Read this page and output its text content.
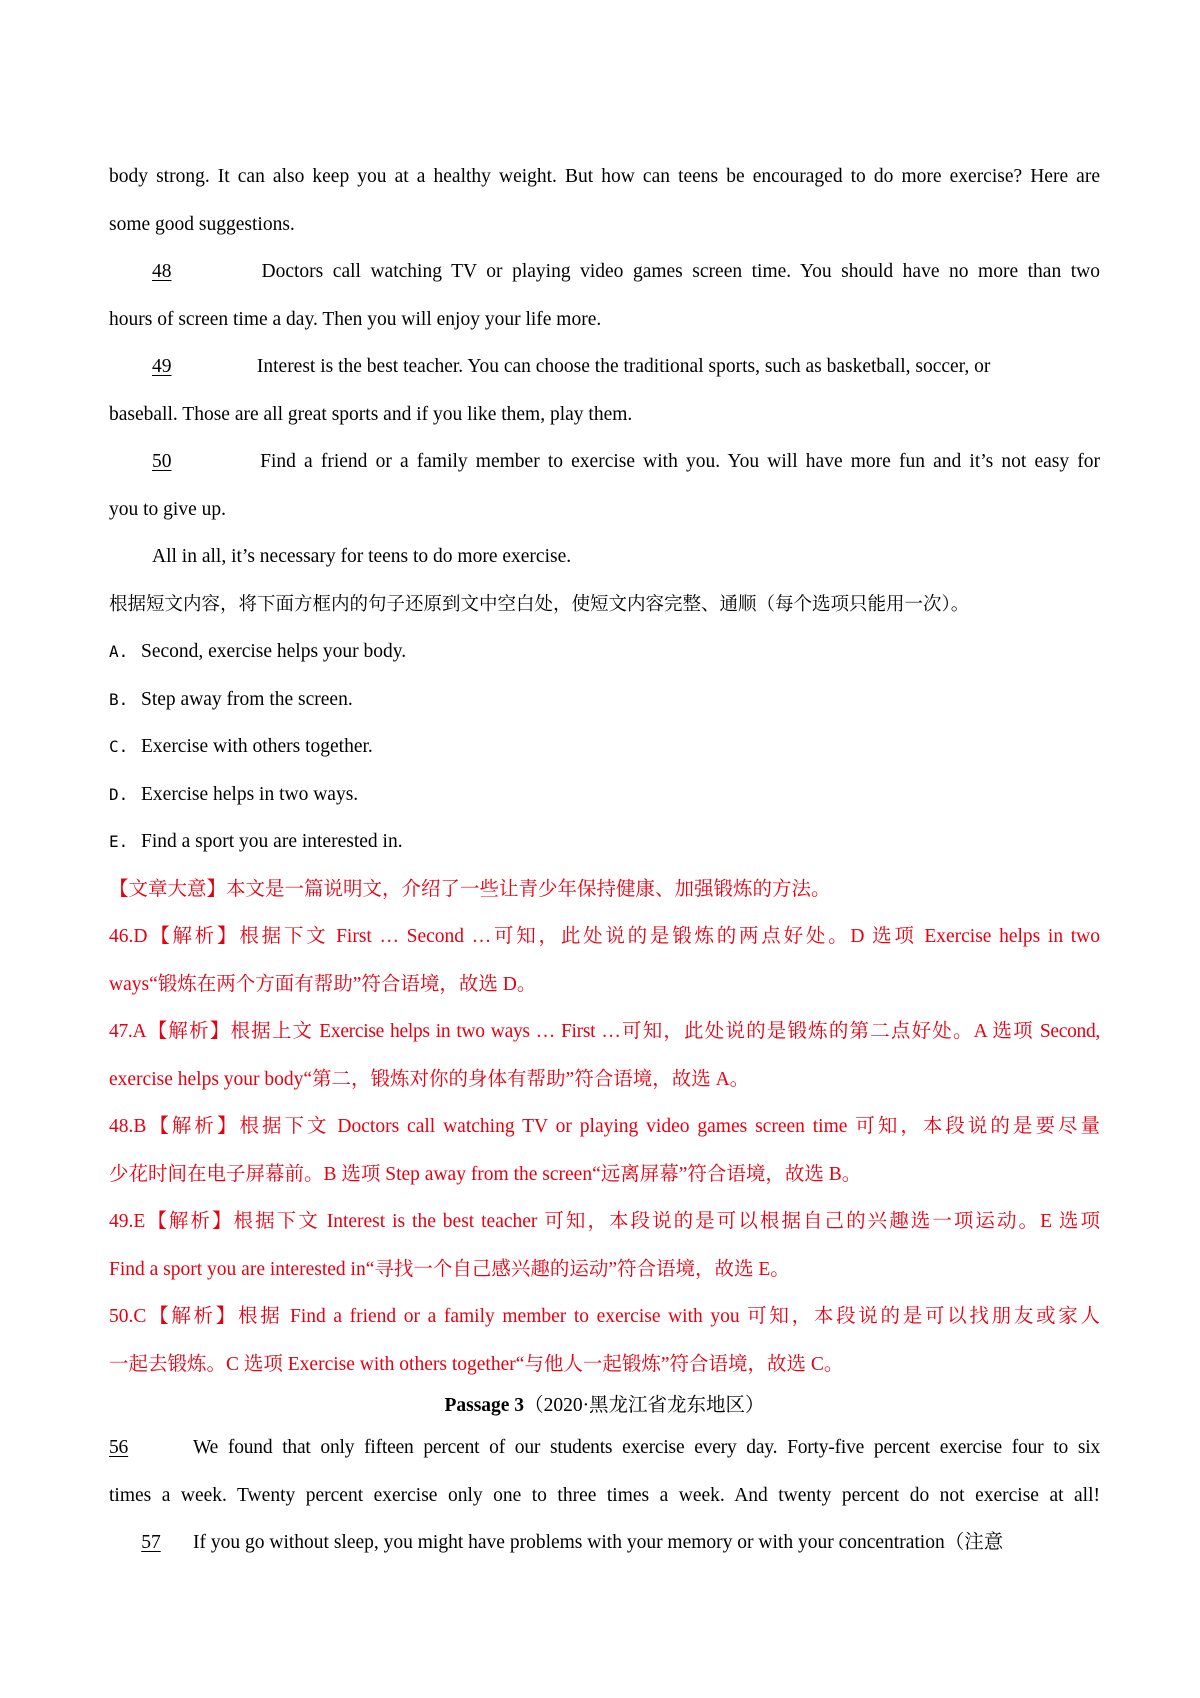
body strong. It can also keep you at a healthy weight. But how can teens be encouraged to do more exercise? Here are

some good suggestions.

48	Doctors call watching TV or playing video games screen time. You should have no more than two

hours of screen time a day. Then you will enjoy your life more.

49	Interest is the best teacher. You can choose the traditional sports, such as basketball, soccer, or

baseball. Those are all great sports and if you like them, play them.

50	Find a friend or a family member to exercise with you. You will have more fun and it’s not easy for

you to give up.

All in all, it’s necessary for teens to do more exercise.

根据短文内容，将下面方框内的句子还原到文中空白处，使短文内容完整、通顺（每个选项只能用一次）。

A. Second, exercise helps your body.

B. Step away from the screen.

C. Exercise with others together.

D. Exercise helps in two ways.

E. Find a sport you are interested in.

【文章大意】本文是一篇说明文，介绍了一些让青少年保持健康、加强锻炼的方法。

46.D【解析】根据下文 First … Second …可知，此处说的是锻炼的两点好处。D 选项 Exercise helps in two

ways“锻炼在两个方面有帮助”符合语境，故选 D。

47.A【解析】根据上文 Exercise helps in two ways … First …可知，此处说的是锻炼的第二点好处。A 选项 Second,

exercise helps your body“第二，锻炼对你的身体有帮助”符合语境，故选 A。

48.B【解析】根据下文 Doctors call watching TV or playing video games screen time 可知，本段说的是要尽量

少花时间在电子屏幕前。B 选项 Step away from the screen“远离屏幕”符合语境，故选 B。

49.E【解析】根据下文 Interest is the best teacher 可知，本段说的是可以根据自己的兴趣选一项运动。E 选项

Find a sport you are interested in“寻找一个自己感兴趣的运动”符合语境，故选 E。

50.C【解析】根据 Find a friend or a family member to exercise with you 可知，本段说的是可以找朋友或家人

一起去锻炼。C 选项 Exercise with others together“与他人一起锻炼”符合语境，故选 C。

Passage 3（2020·黑龙江省龙东地区）

56	We found that only fifteen percent of our students exercise every day. Forty-five percent exercise four to six

times a week. Twenty percent exercise only one to three times a week. And twenty percent do not exercise at all!

57 If you go without sleep, you might have problems with your memory or with your concentration（注意
